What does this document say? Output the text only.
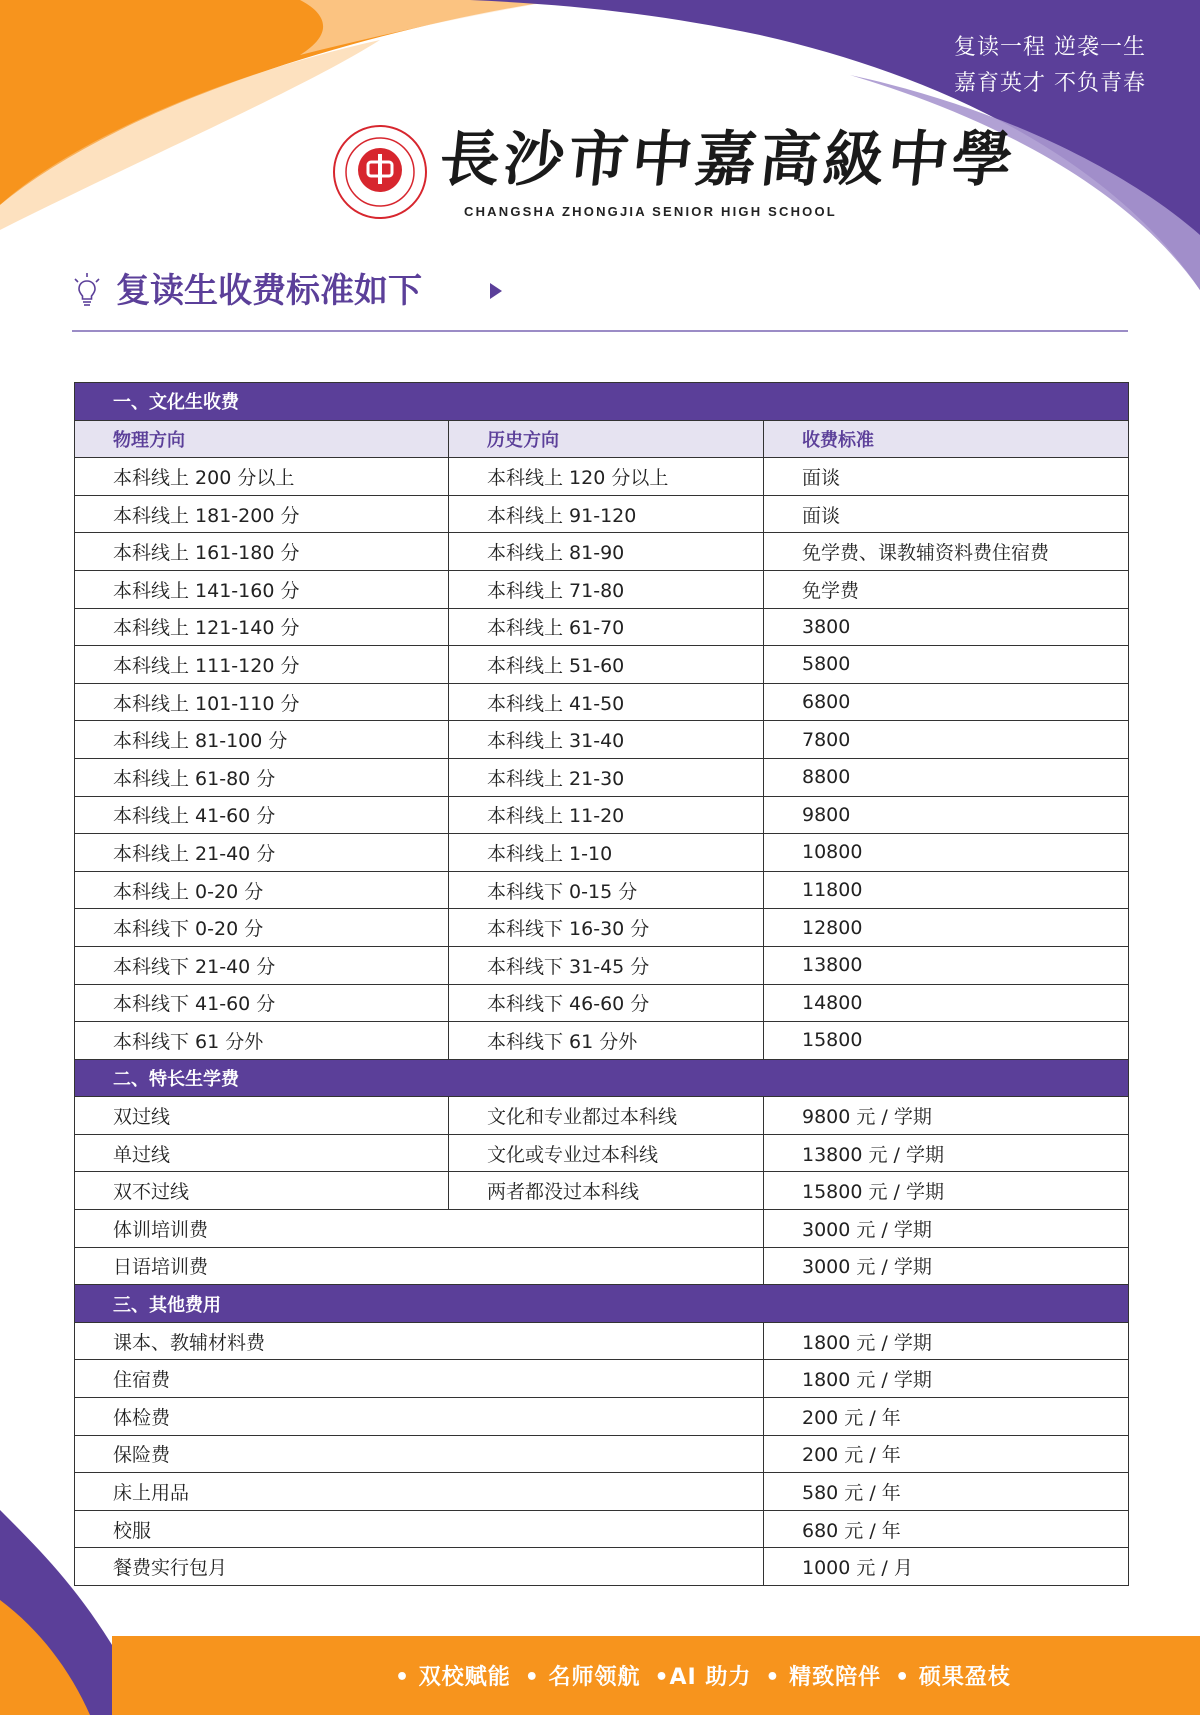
复读一程 逆袭一生
嘉育英才 不负青春
長沙市中嘉高級中學
CHANGSHA ZHONGJIA SENIOR HIGH SCHOOL
复读生收费标准如下
一、文化生收费		
物理方向	历史方向	收费标准
本科线上 200 分以上	本科线上 120 分以上	面谈
本科线上 181-200 分	本科线上 91-120	面谈
本科线上 161-180 分	本科线上 81-90	免学费、课教辅资料费住宿费
本科线上 141-160 分	本科线上 71-80	免学费
本科线上 121-140 分	本科线上 61-70	3800
本科线上 111-120 分	本科线上 51-60	5800
本科线上 101-110 分	本科线上 41-50	6800
本科线上 81-100 分	本科线上 31-40	7800
本科线上 61-80 分	本科线上 21-30	8800
本科线上 41-60 分	本科线上 11-20	9800
本科线上 21-40 分	本科线上 1-10	10800
本科线上 0-20 分	本科线下 0-15 分	11800
本科线下 0-20 分	本科线下 16-30 分	12800
本科线下 21-40 分	本科线下 31-45 分	13800
本科线下 41-60 分	本科线下 46-60 分	14800
本科线下 61 分外	本科线下 61 分外	15800
二、特长生学费		
双过线	文化和专业都过本科线	9800 元 / 学期
单过线	文化或专业过本科线	13800 元 / 学期
双不过线	两者都没过本科线	15800 元 / 学期
体训培训费		3000 元 / 学期
日语培训费		3000 元 / 学期
三、其他费用		
课本、教辅材料费		1800 元 / 学期
住宿费		1800 元 / 学期
体检费		200 元 / 年
保险费		200 元 / 年
床上用品		580 元 / 年
校服		680 元 / 年
餐费实行包月		1000 元 / 月
• 双校赋能 • 名师领航 •AI 助力 • 精致陪伴 • 硕果盈枝
